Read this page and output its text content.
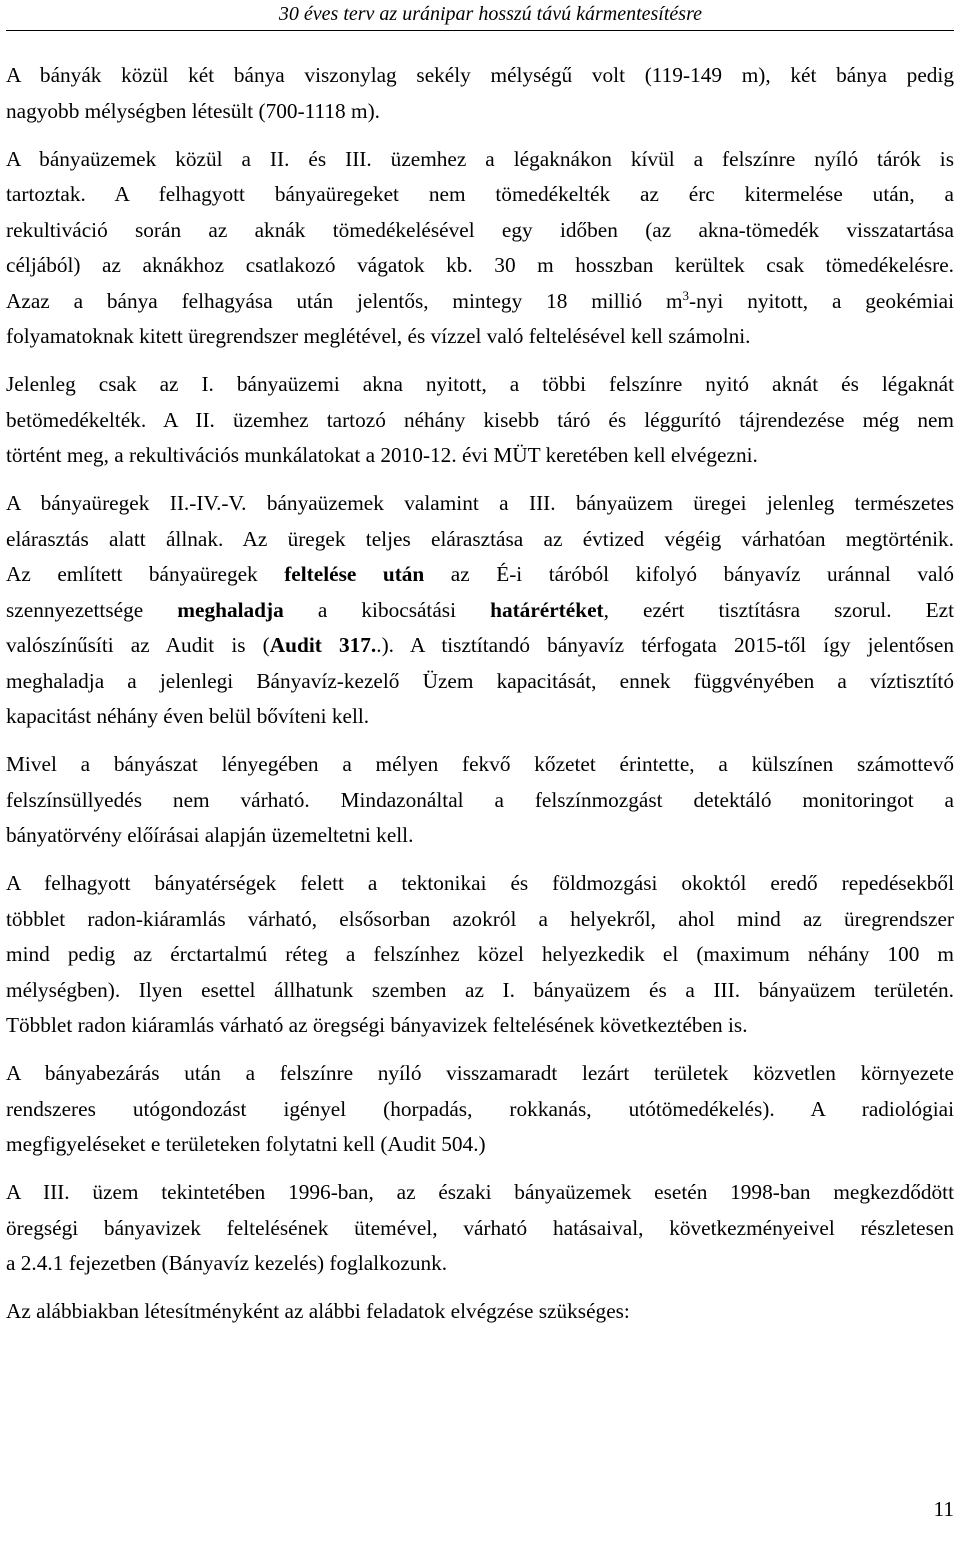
30 éves terv az uránipar hosszú távú kármentesítésre
A bányák közül két bánya viszonylag sekély mélységű volt (119-149 m), két bánya pedig
nagyobb mélységben létesült (700-1118 m).
A bányaüzemek közül a II. és III. üzemhez a légaknákon kívül a felszínre nyíló tárók is
tartoztak. A felhagyott bányaüregeket nem tömedékelték az érc kitermelése után, a
rekultiváció során az aknák tömedékelésével egy időben (az akna-tömedék visszatartása
céljából) az aknákhoz csatlakozó vágatok kb. 30 m hosszban kerültek csak tömedékelésre.
Azaz a bánya felhagyása után jelentős, mintegy 18 millió $m^3$-nyi nyitott, a geokémiai
folyamatoknak kitett üregrendszer meglétével, és vízzel való feltelésével kell számolni.
Jelenleg csak az I. bányaüzemi akna nyitott, a többi felszínre nyitó aknát és légaknát
betömedékelték. A II. üzemhez tartozó néhány kisebb táró és léggurító tájrendezése még nem
történt meg, a rekultivációs munkálatokat a 2010-12. évi MÜT keretében kell elvégezni.
A bányaüregek II.-IV.-V. bányaüzemek valamint a III. bányaüzem üregei jelenleg természetes
elárasztás alatt állnak. Az üregek teljes elárasztása az évtized végéig várhatóan megtörténik.
Az említett bányaüregek feltelése után az É-i táróból kifolyó bányavíz uránnal való
szennyezettsége meghaladja a kibocsátási határértéket, ezért tisztításra szorul. Ezt
valószínűsíti az Audit is (Audit 317..). A tisztítandó bányavíz térfogata 2015-től így jelentősen
meghaladja a jelenlegi Bányavíz-kezelő Üzem kapacitását, ennek függvényében a víztisztító
kapacitást néhány éven belül bővíteni kell.
Mivel a bányászat lényegében a mélyen fekvő kőzetet érintette, a külszínen számottevő
felszínsüllyedés nem várható. Mindazonáltal a felszínmozgást detektáló monitoringot a
bányatörvény előírásai alapján üzemeltetni kell.
A felhagyott bányatérségek felett a tektonikai és földmozgási okoktól eredő repedésekből
többlet radon-kiáramlás várható, elsősorban azokról a helyekről, ahol mind az üregrendszer
mind pedig az érctartalmú réteg a felszínhez közel helyezkedik el (maximum néhány 100 m
mélységben). Ilyen esettel állhatunk szemben az I. bányaüzem és a III. bányaüzem területén.
Többlet radon kiáramlás várható az öregségi bányavizek feltelésének következtében is.
A bányabezárás után a felszínre nyíló visszamaradt lezárt területek közvetlen környezete
rendszeres utógondozást igényel (horpadás, rokkanás, utótömedékelés). A radiológiai
megfigyeléseket e területeken folytatni kell (Audit 504.)
A III. üzem tekintetében 1996-ban, az északi bányaüzemek esetén 1998-ban megkezdődött
öregségi bányavizek feltelésének ütemével, várható hatásaival, következményeivel részletesen
a 2.4.1 fejezetben (Bányavíz kezelés) foglalkozunk.
Az alábbiakban létesítményként az alábbi feladatok elvégzése szükséges:
11
